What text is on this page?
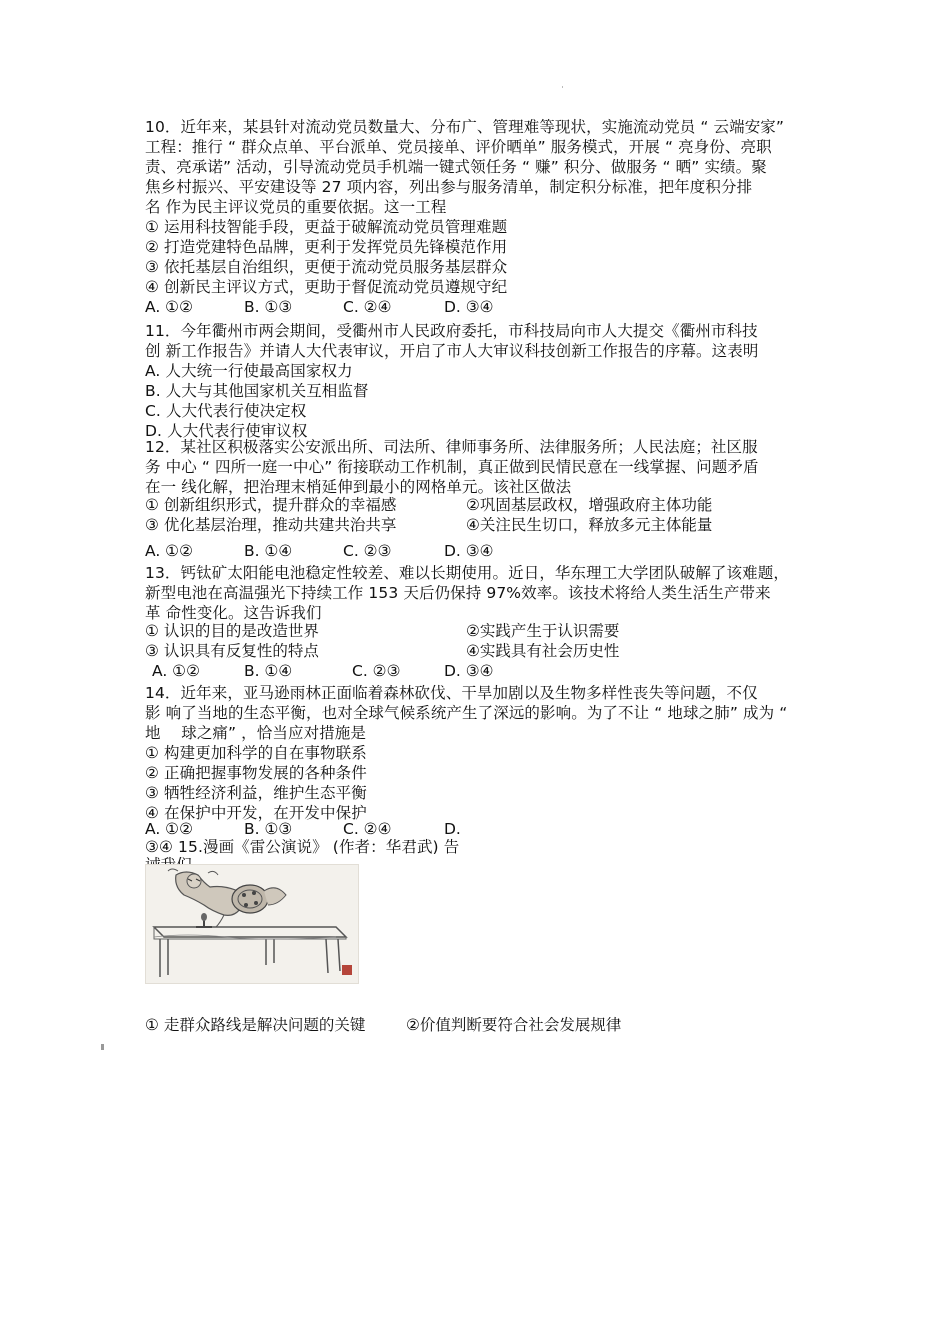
10．近年来，某县针对流动党员数量大、分布广、管理难等现状，实施流动党员 “ 云端安家”
工程：推行 “ 群众点单、平台派单、党员接单、评价晒单” 服务模式，开展 “ 亮身份、亮职
责、亮承诺” 活动，引导流动党员手机端一键式领任务 “ 赚” 积分、做服务 “ 晒” 实绩。聚
焦乡村振兴、平安建设等 27 项内容，列出参与服务清单，制定积分标准，把年度积分排
名 作为民主评议党员的重要依据。这一工程
① 运用科技智能手段，更益于破解流动党员管理难题
② 打造党建特色品牌，更利于发挥党员先锋模范作用
③ 依托基层自治组织，更便于流动党员服务基层群众
④ 创新民主评议方式，更助于督促流动党员遵规守纪
A. ①②	B. ①③	C. ②④	D. ③④
11．今年衢州市两会期间，受衢州市人民政府委托，市科技局向市人大提交《衢州市科技
创 新工作报告》并请人大代表审议，开启了市人大审议科技创新工作报告的序幕。这表明
A. 人大统一行使最高国家权力
B. 人大与其他国家机关互相监督
C. 人大代表行使决定权
D. 人大代表行使审议权
12．某社区积极落实公安派出所、司法所、律师事务所、法律服务所；人民法庭；社区服
务 中心 “ 四所一庭一中心” 衔接联动工作机制，真正做到民情民意在一线掌握、问题矛盾
在一 线化解，把治理末梢延伸到最小的网格单元。该社区做法
① 创新组织形式，提升群众的幸福感	②巩固基层政权，增强政府主体功能
③ 优化基层治理，推动共建共治共享	④关注民生切口，释放多元主体能量
A. ①②	B. ①④	C. ②③	D. ③④
13．钙钛矿太阳能电池稳定性较差、难以长期使用。近日，华东理工大学团队破解了该难题，
新型电池在高温强光下持续工作 153 天后仍保持 97%效率。该技术将给人类生活生产带来
革 命性变化。这告诉我们
① 认识的目的是改造世界	②实践产生于认识需要
③ 认识具有反复性的特点	④实践具有社会历史性
A. ①②	B. ①④	C. ②③	D. ③④
14．近年来，亚马逊雨林正面临着森林砍伐、干旱加剧以及生物多样性丧失等问题，不仅
影 响了当地的生态平衡，也对全球气候系统产生了深远的影响。为了不让 “ 地球之肺” 成为 “
地　 球之痛” ，恰当应对措施是
① 构建更加科学的自在事物联系
② 正确把握事物发展的各种条件
③ 牺牲经济利益，维护生态平衡
④ 在保护中开发，在开发中保护
A. ①②	B. ①③	C. ②④	D.
③④ 15.漫画《雷公演说》 (作者：华君武) 告
① 走群众路线是解决问题的关键	②价值判断要符合社会发展规律
